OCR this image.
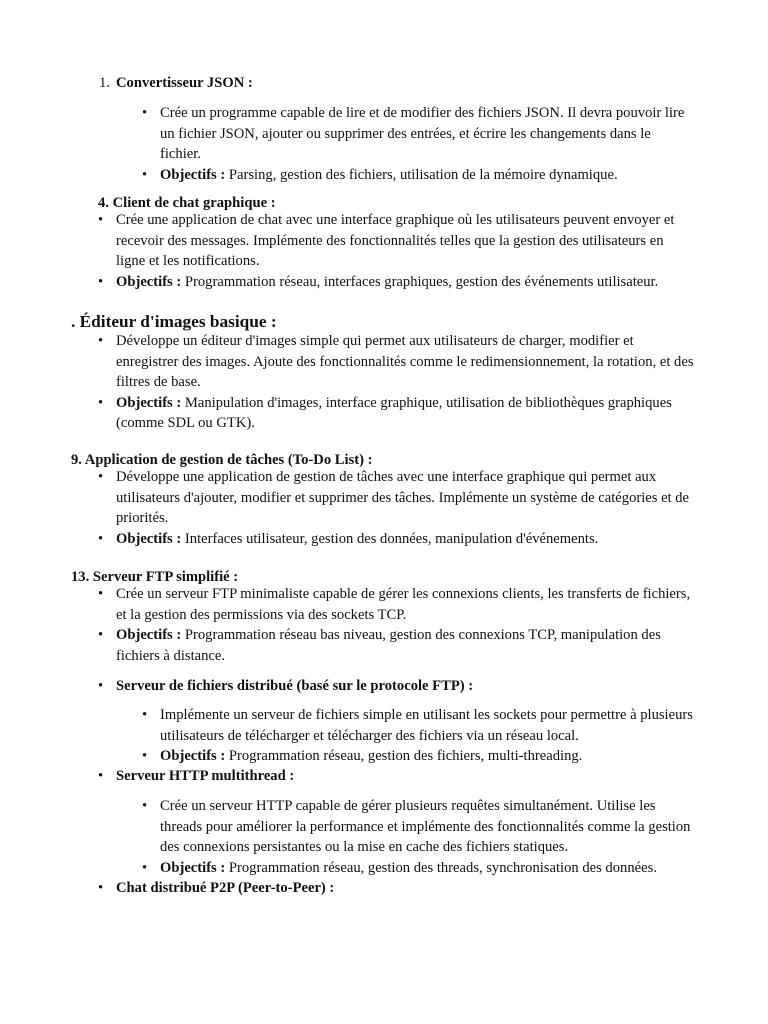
1. Convertisseur JSON :
• Crée un programme capable de lire et de modifier des fichiers JSON. Il devra pouvoir lire un fichier JSON, ajouter ou supprimer des entrées, et écrire les changements dans le fichier.
• Objectifs : Parsing, gestion des fichiers, utilisation de la mémoire dynamique.
4. Client de chat graphique :
• Crée une application de chat avec une interface graphique où les utilisateurs peuvent envoyer et recevoir des messages. Implémente des fonctionnalités telles que la gestion des utilisateurs en ligne et les notifications.
• Objectifs : Programmation réseau, interfaces graphiques, gestion des événements utilisateur.
. Éditeur d'images basique :
• Développe un éditeur d'images simple qui permet aux utilisateurs de charger, modifier et enregistrer des images. Ajoute des fonctionnalités comme le redimensionnement, la rotation, et des filtres de base.
• Objectifs : Manipulation d'images, interface graphique, utilisation de bibliothèques graphiques (comme SDL ou GTK).
9. Application de gestion de tâches (To-Do List) :
• Développe une application de gestion de tâches avec une interface graphique qui permet aux utilisateurs d'ajouter, modifier et supprimer des tâches. Implémente un système de catégories et de priorités.
• Objectifs : Interfaces utilisateur, gestion des données, manipulation d'événements.
13. Serveur FTP simplifié :
• Crée un serveur FTP minimaliste capable de gérer les connexions clients, les transferts de fichiers, et la gestion des permissions via des sockets TCP.
• Objectifs : Programmation réseau bas niveau, gestion des connexions TCP, manipulation des fichiers à distance.
• Serveur de fichiers distribué (basé sur le protocole FTP) :
• Implémente un serveur de fichiers simple en utilisant les sockets pour permettre à plusieurs utilisateurs de télécharger et télécharger des fichiers via un réseau local.
• Objectifs : Programmation réseau, gestion des fichiers, multi-threading.
• Serveur HTTP multithread :
• Crée un serveur HTTP capable de gérer plusieurs requêtes simultanément. Utilise les threads pour améliorer la performance et implémente des fonctionnalités comme la gestion des connexions persistantes ou la mise en cache des fichiers statiques.
• Objectifs : Programmation réseau, gestion des threads, synchronisation des données.
• Chat distribué P2P (Peer-to-Peer) :
